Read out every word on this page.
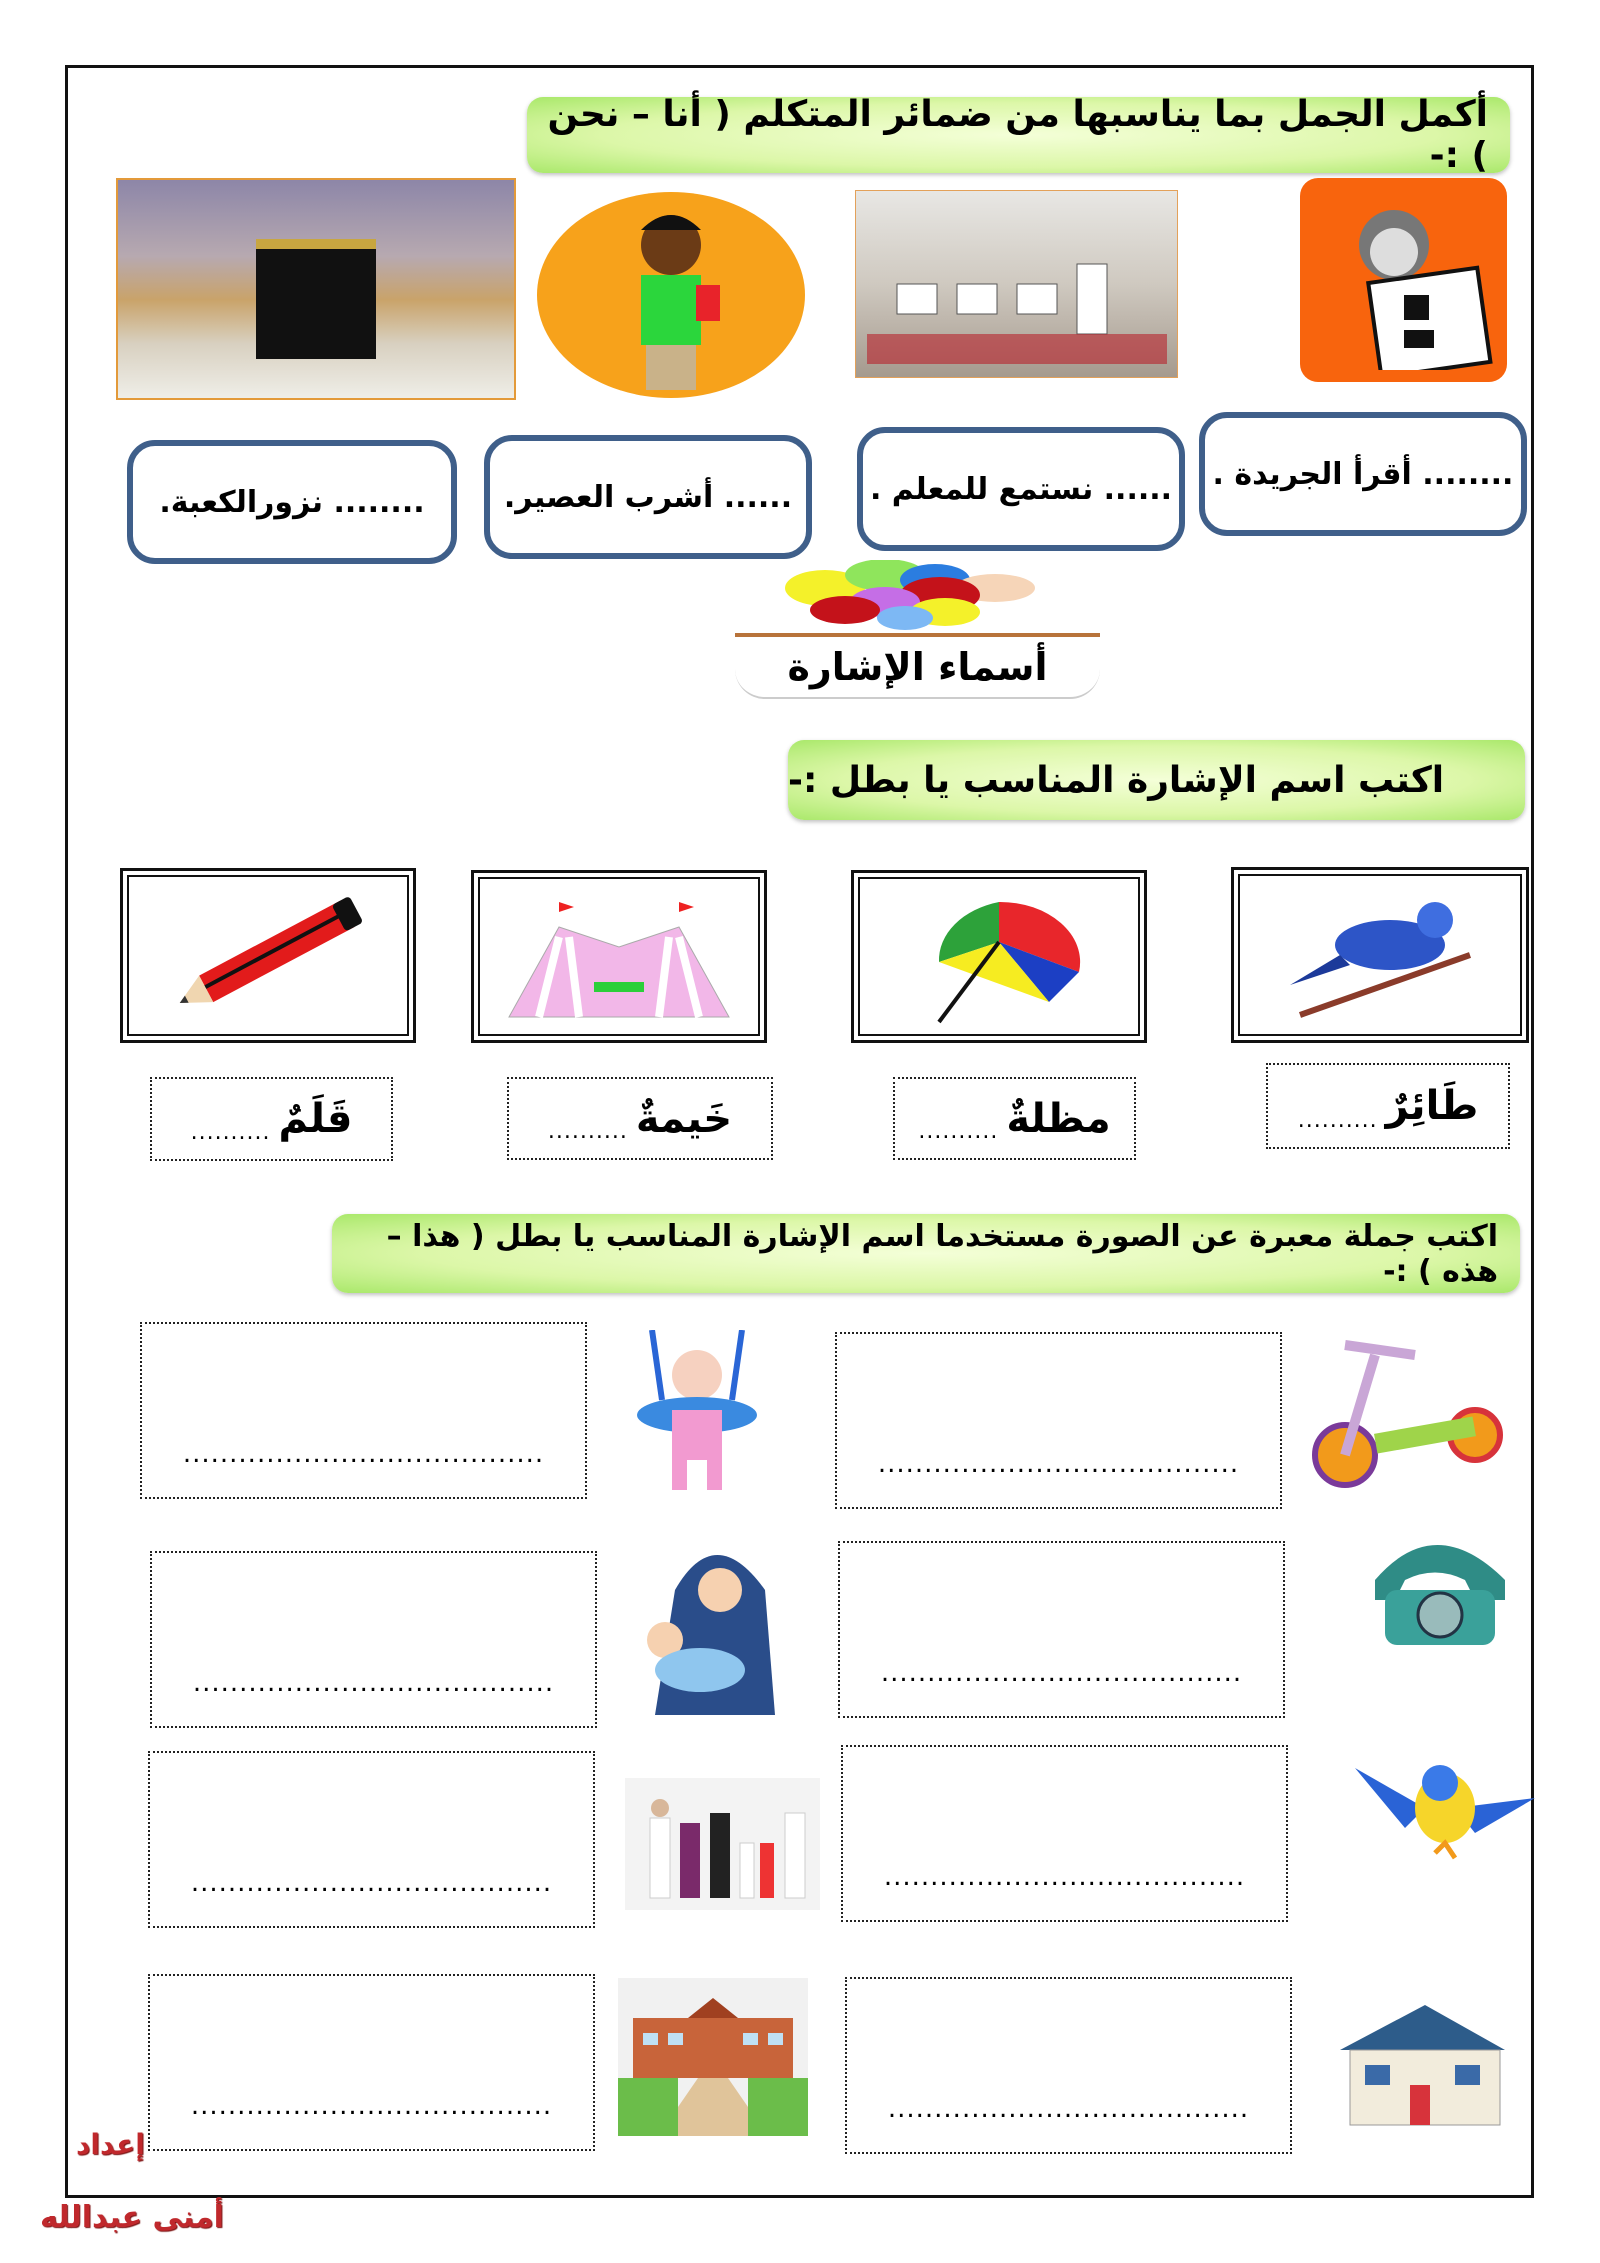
أكمل الجمل بما يناسبها من ضمائر المتكلم ( أنا – نحن ) :-
........ أقرأ الجريدة .
...... نستمع للمعلم .
...... أشرب العصير.
........ نزورالكعبة.
أسماء الإشارة
اكتب اسم الإشارة المناسب يا بطل :-
طَائِرٌ
..........
مظلةٌ
..........
خَيمةٌ
..........
قَلَمٌ
..........
اكتب جملة معبرة عن الصورة مستخدما اسم الإشارة المناسب يا بطل ( هذا – هذه ) :-
.......................................
.......................................
.......................................
.......................................
.......................................
.......................................
.......................................
.......................................
إعداد
أمنى عبدالله
